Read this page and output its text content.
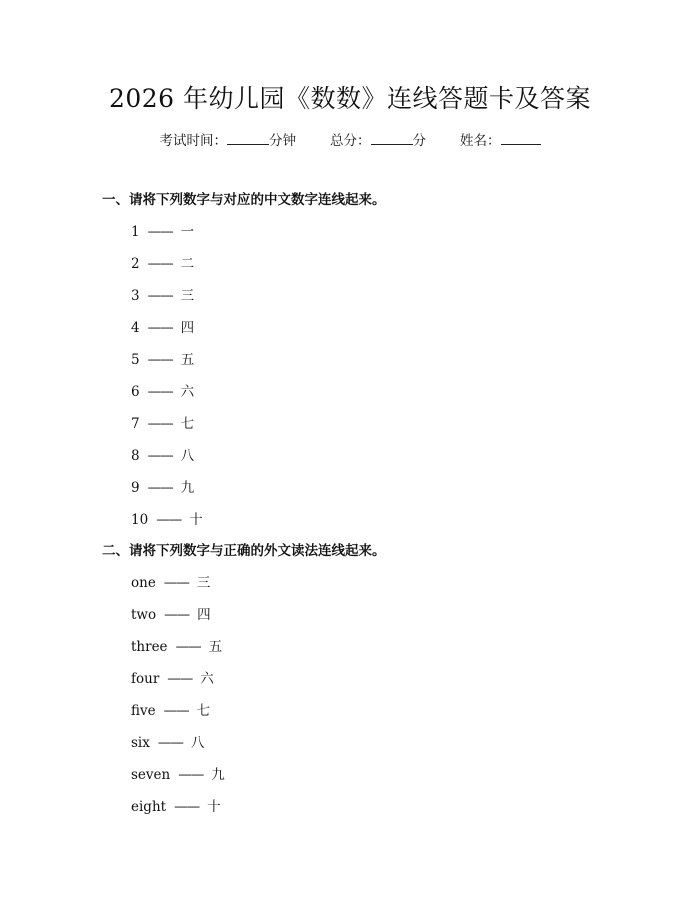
2026 年幼儿园《数数》连线答题卡及答案
考试时间：	分钟	总分：	分	姓名：
一、请将下列数字与对应的中文数字连线起来。
1 —— 一
2 —— 二
3 —— 三
4 —— 四
5 —— 五
6 —— 六
7 —— 七
8 —— 八
9 —— 九
10 —— 十
二、请将下列数字与正确的外文读法连线起来。
one —— 三
two —— 四
three —— 五
four —— 六
five —— 七
six —— 八
seven —— 九
eight —— 十
